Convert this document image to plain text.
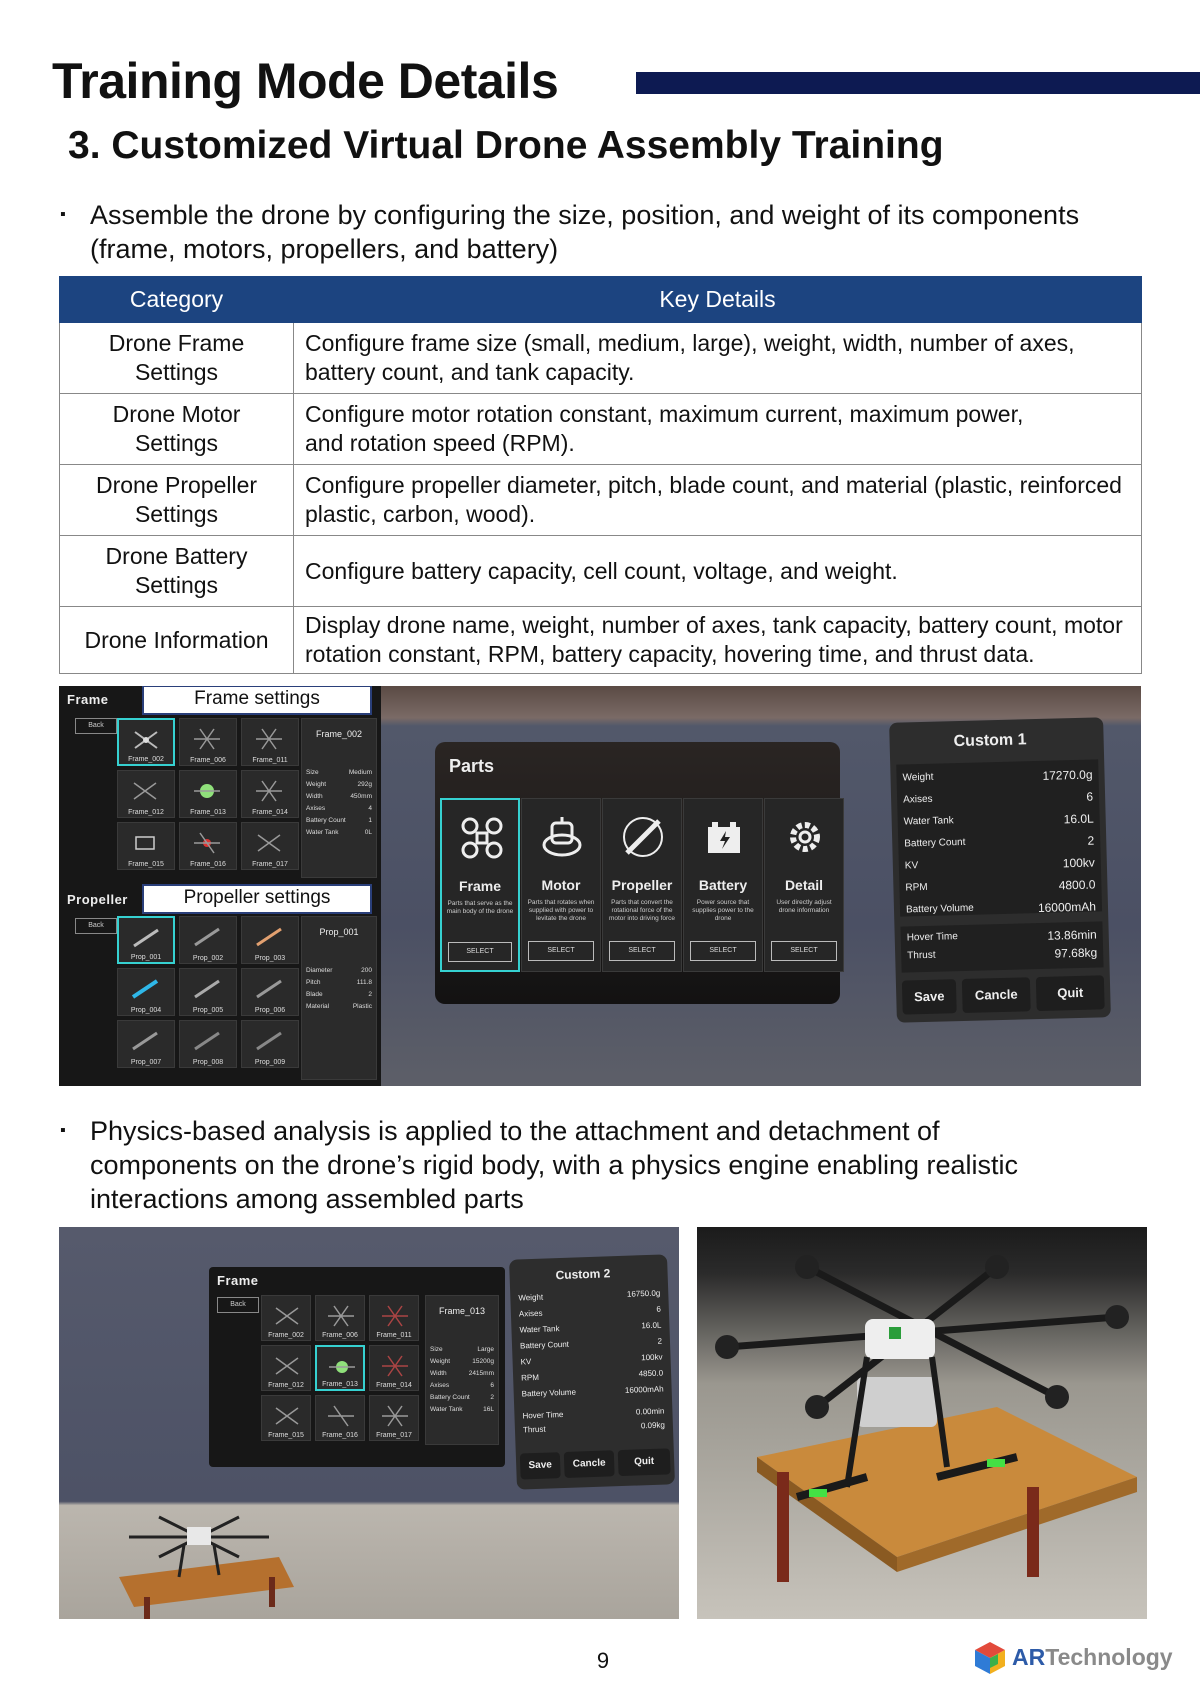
Training Mode Details
3. Customized Virtual Drone Assembly Training
▪ Assemble the drone by configuring the size, position, and weight of its components
(frame, motors, propellers, and battery)
Category	Key Details
Drone Frame
Settings	Configure frame size (small, medium, large), weight, width, number of axes,
battery count, and tank capacity.
Drone Motor
Settings	Configure motor rotation constant, maximum current, maximum power,
and rotation speed (RPM).
Drone Propeller
Settings	Configure propeller diameter, pitch, blade count, and material (plastic, reinforced
plastic, carbon, wood).
Drone Battery
Settings	Configure battery capacity, cell count, voltage, and weight.
Drone Information	Display drone name, weight, number of axes, tank capacity, battery count, motor
rotation constant, RPM, battery capacity, hovering time, and thrust data.
Frame
Back
Frame_002	Frame_006	Frame_011
Frame_012	Frame_013	Frame_014
Frame_015	Frame_016	Frame_017
Frame_002
Size	Medium
Weight	292g
Width	450mm
Axises	4
Battery Count	1
Water Tank	0L
Frame settings
Propeller
Back
Prop_001	Prop_002	Prop_003
Prop_004	Prop_005	Prop_006
Prop_007	Prop_008	Prop_009
Prop_001
Diameter	200
Pitch	111.8
Blade	2
Material	Plastic
Propeller settings
Parts
Frame
Parts that serve as the main body of the drone
SELECT
Motor
Parts that rotates when supplied with power to levitate the drone
SELECT
Propeller
Parts that convert the rotational force of the motor into driving force
SELECT
Battery
Power source that supplies power to the drone
SELECT
Detail
User directly adjust drone information
SELECT
Custom 1
Weight	17270.0g
Axises	6
Water Tank	16.0L
Battery Count	2
KV	100kv
RPM	4800.0
Battery Volume	16000mAh
Hover Time	13.86min
Thrust	97.68kg
Save	Cancle	Quit
▪ Physics-based analysis is applied to the attachment and detachment of
components on the drone’s rigid body, with a physics engine enabling realistic
interactions among assembled parts
Frame
Back
Frame_002	Frame_006	Frame_011
Frame_012	Frame_013	Frame_014
Frame_015	Frame_016	Frame_017
Frame_013
Size	Large
Weight	15200g
Width	2415mm
Axises	6
Battery Count	2
Water Tank	16L
Custom 2
Weight	16750.0g
Axises	6
Water Tank	16.0L
Battery Count	2
KV	100kv
RPM	4850.0
Battery Volume	16000mAh
Hover Time	0.00min
Thrust	0.09kg
Save	Cancle	Quit
9	ARTechnology
